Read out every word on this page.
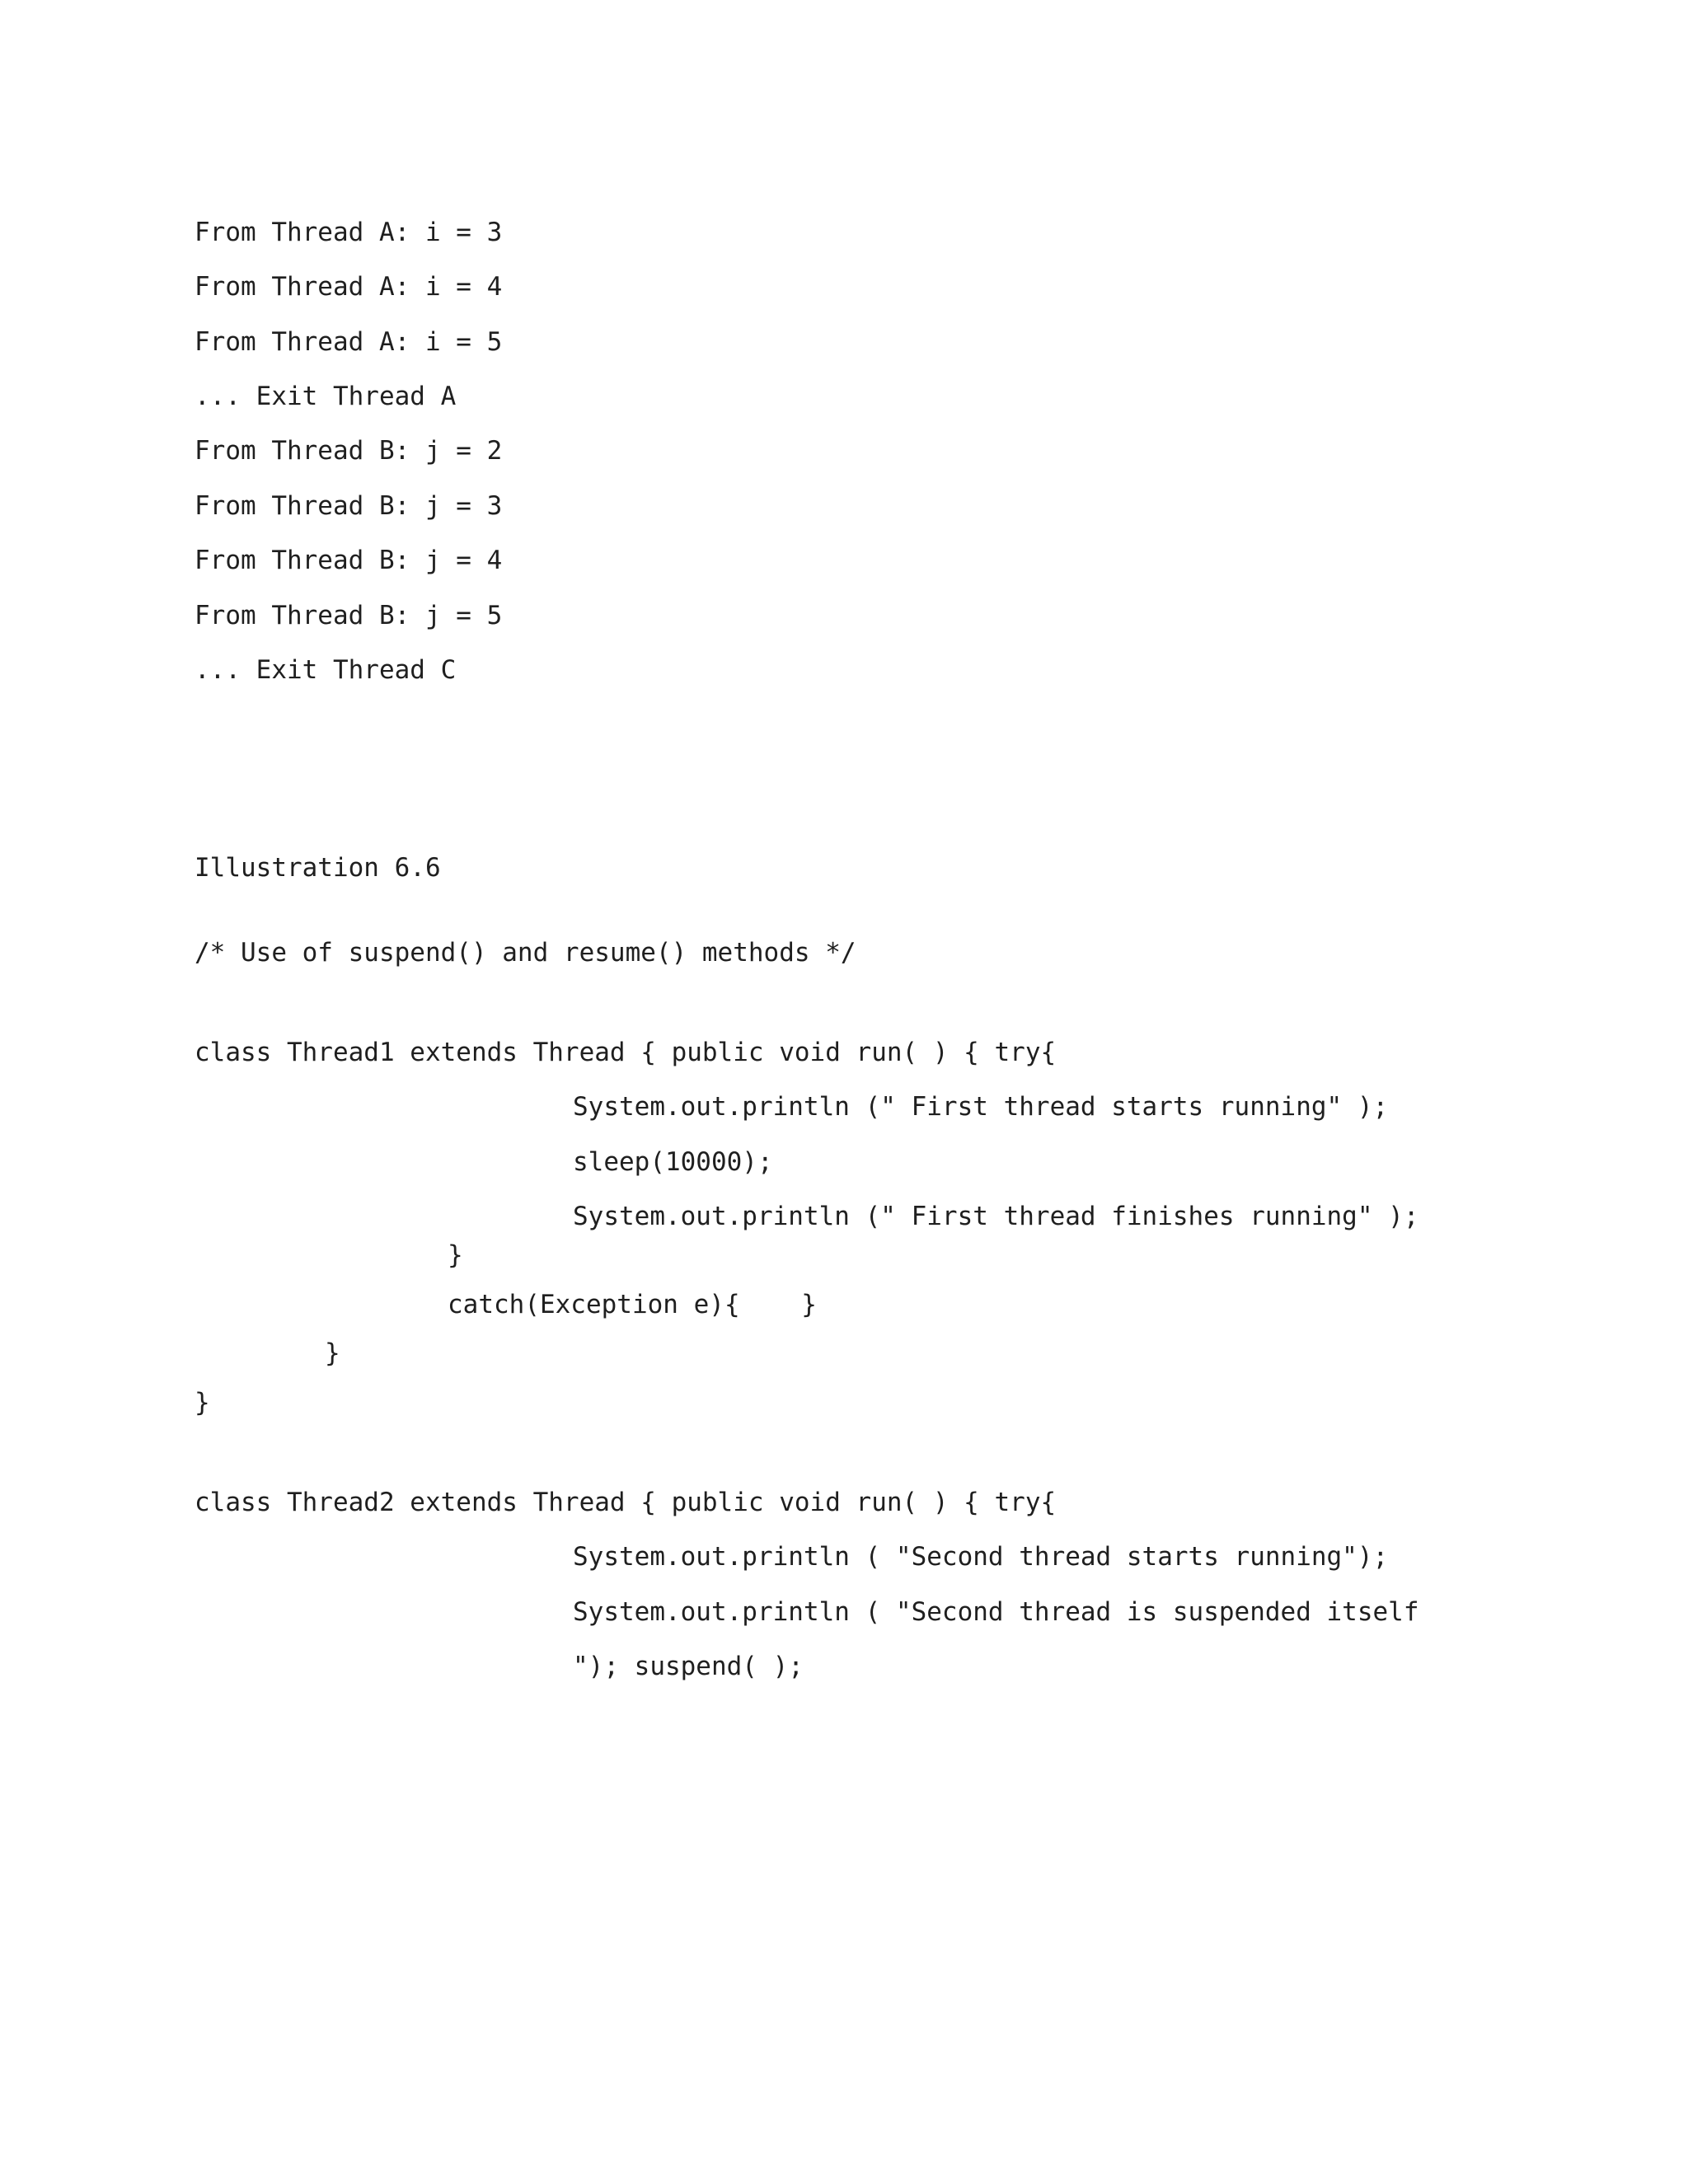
From Thread A: i = 3

From Thread A: i = 4

From Thread A: i = 5

... Exit Thread A

From Thread B: j = 2

From Thread B: j = 3

From Thread B: j = 4

From Thread B: j = 5

... Exit Thread C

Illustration 6.6

/* Use of suspend() and resume() methods */

class Thread1 extends Thread { public void run( ) { try{

System.out.println (" First thread starts running" );

sleep(10000);

System.out.println (" First thread finishes running" );

}

catch(Exception e){    }

}

}

class Thread2 extends Thread { public void run( ) { try{

System.out.println ( "Second thread starts running");

System.out.println ( "Second thread is suspended itself

"); suspend( );
